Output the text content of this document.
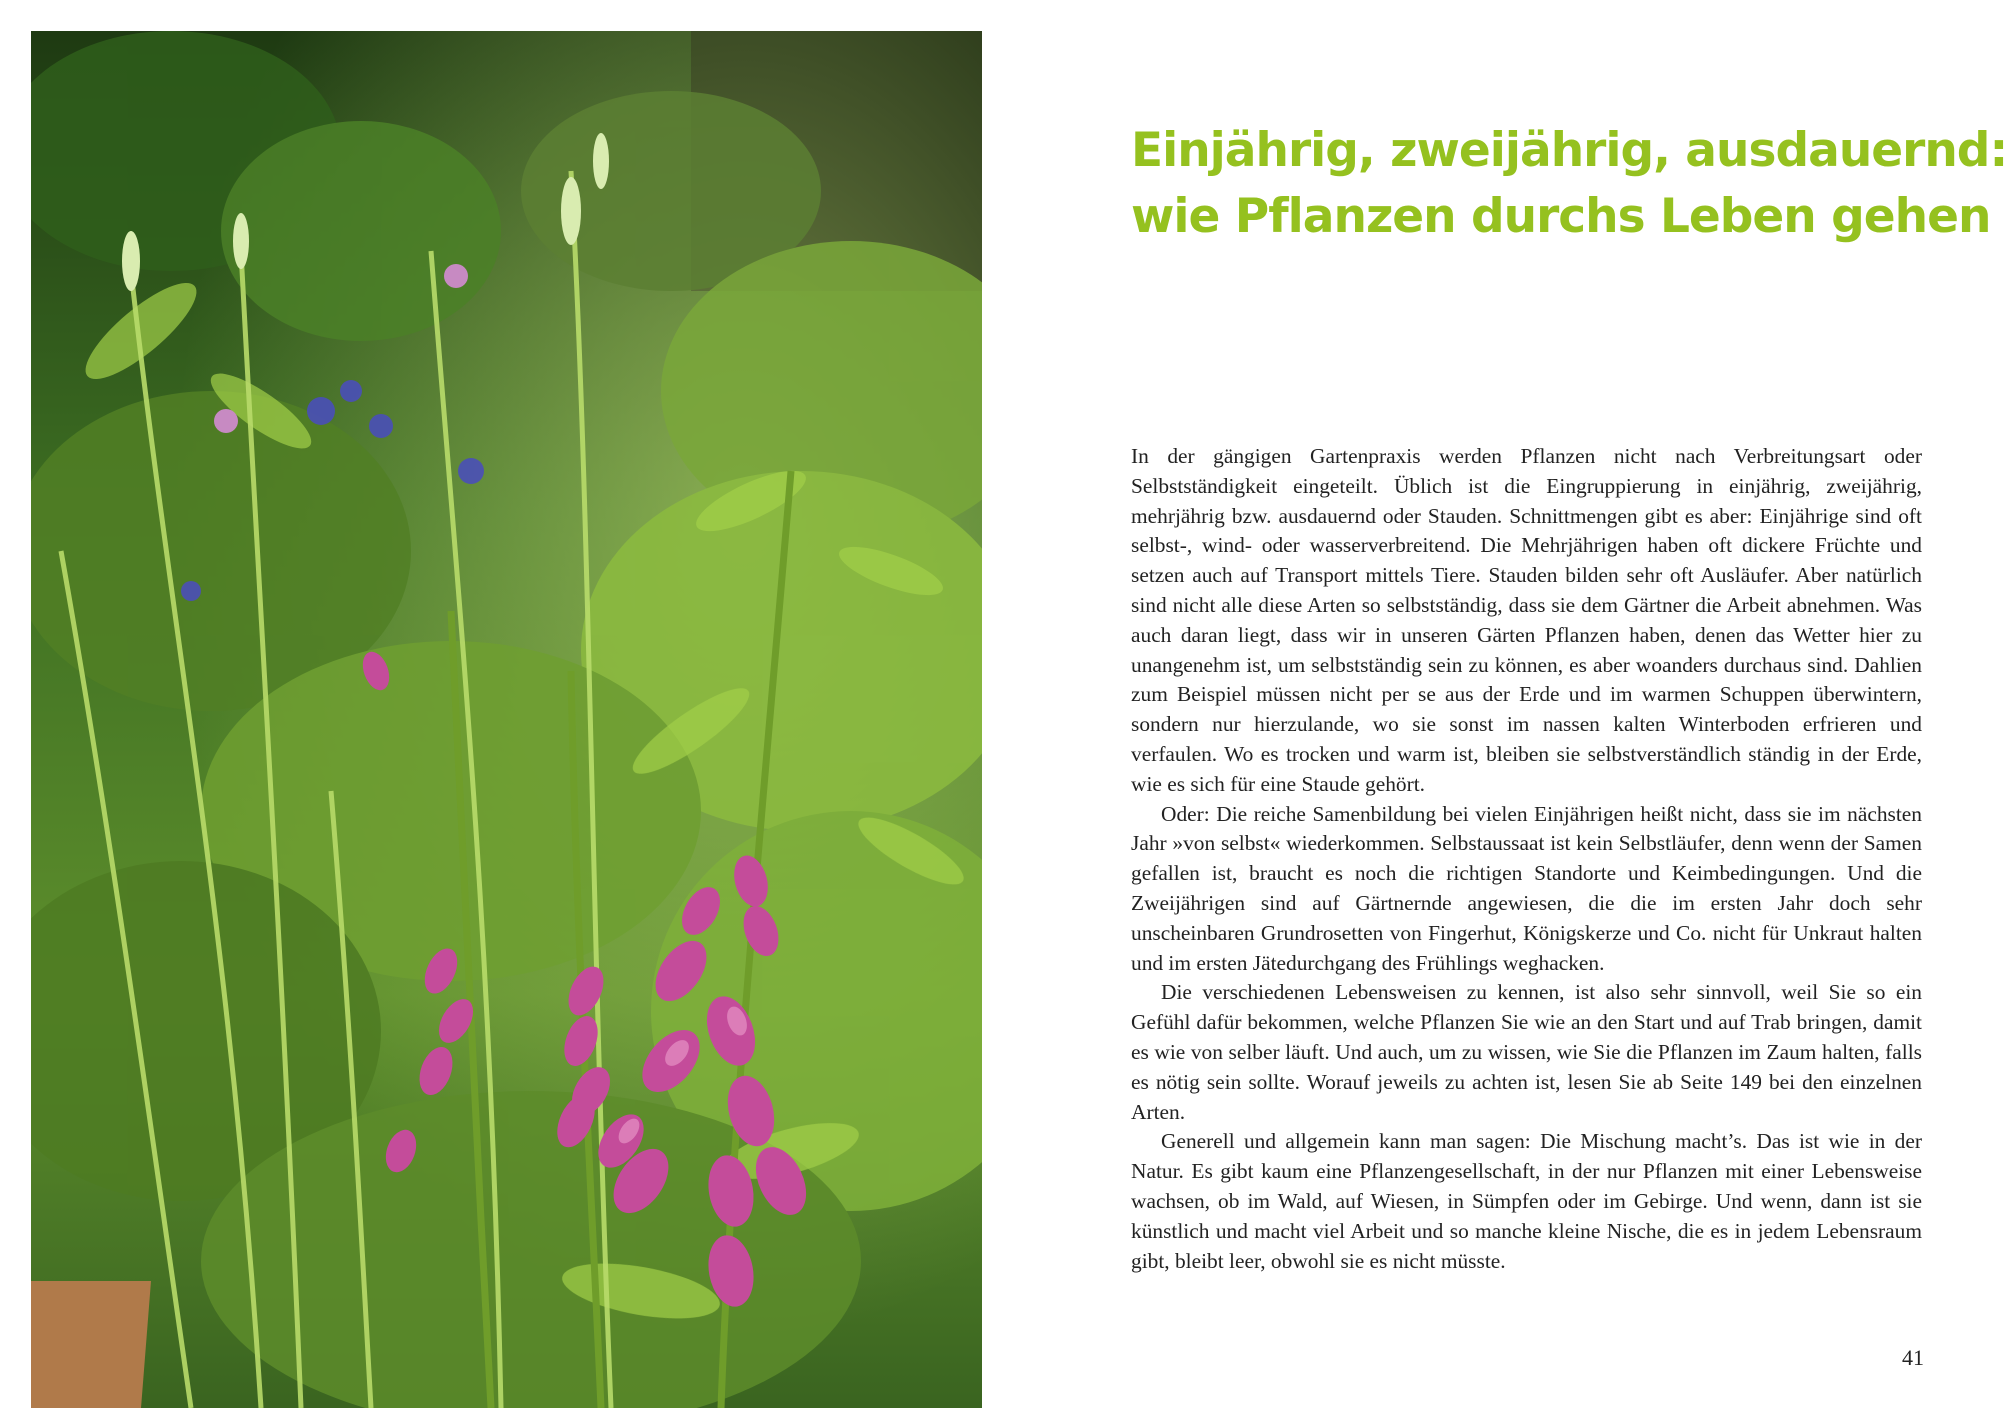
Einjährig, zweijährig, ausdauernd:
wie Pflanzen durchs Leben gehen

In der gängigen Gartenpraxis werden Pflanzen nicht nach Verbreitungsart oder Selbstständigkeit eingeteilt. Üblich ist die Eingruppierung in einjährig, zweijährig, mehrjährig bzw. ausdauernd oder Stauden. Schnittmengen gibt es aber: Einjährige sind oft selbst-, wind- oder wasserverbreitend. Die Mehrjährigen haben oft dickere Früchte und setzen auch auf Transport mittels Tiere. Stauden bilden sehr oft Ausläufer. Aber natürlich sind nicht alle diese Arten so selbstständig, dass sie dem Gärtner die Arbeit abnehmen. Was auch daran liegt, dass wir in unseren Gärten Pflanzen haben, denen das Wetter hier zu unangenehm ist, um selbstständig sein zu können, es aber woanders durchaus sind. Dahlien zum Beispiel müssen nicht per se aus der Erde und im warmen Schuppen überwintern, sondern nur hierzulande, wo sie sonst im nassen kalten Winterboden erfrieren und verfaulen. Wo es trocken und warm ist, bleiben sie selbstverständlich ständig in der Erde, wie es sich für eine Staude gehört.

Oder: Die reiche Samenbildung bei vielen Einjährigen heißt nicht, dass sie im nächsten Jahr »von selbst« wiederkommen. Selbstaussaat ist kein Selbstläufer, denn wenn der Samen gefallen ist, braucht es noch die richtigen Standorte und Keimbedingungen. Und die Zweijährigen sind auf Gärtnernde angewiesen, die die im ersten Jahr doch sehr unscheinbaren Grundrosetten von Fingerhut, Königskerze und Co. nicht für Unkraut halten und im ersten Jätedurchgang des Frühlings weghacken.

Die verschiedenen Lebensweisen zu kennen, ist also sehr sinnvoll, weil Sie so ein Gefühl dafür bekommen, welche Pflanzen Sie wie an den Start und auf Trab bringen, damit es wie von selber läuft. Und auch, um zu wissen, wie Sie die Pflanzen im Zaum halten, falls es nötig sein sollte. Worauf jeweils zu achten ist, lesen Sie ab Seite 149 bei den einzelnen Arten.

Generell und allgemein kann man sagen: Die Mischung macht’s. Das ist wie in der Natur. Es gibt kaum eine Pflanzengesellschaft, in der nur Pflanzen mit einer Lebensweise wachsen, ob im Wald, auf Wiesen, in Sümpfen oder im Gebirge. Und wenn, dann ist sie künstlich und macht viel Arbeit und so manche kleine Nische, die es in jedem Lebensraum gibt, bleibt leer, obwohl sie es nicht müsste.

41
